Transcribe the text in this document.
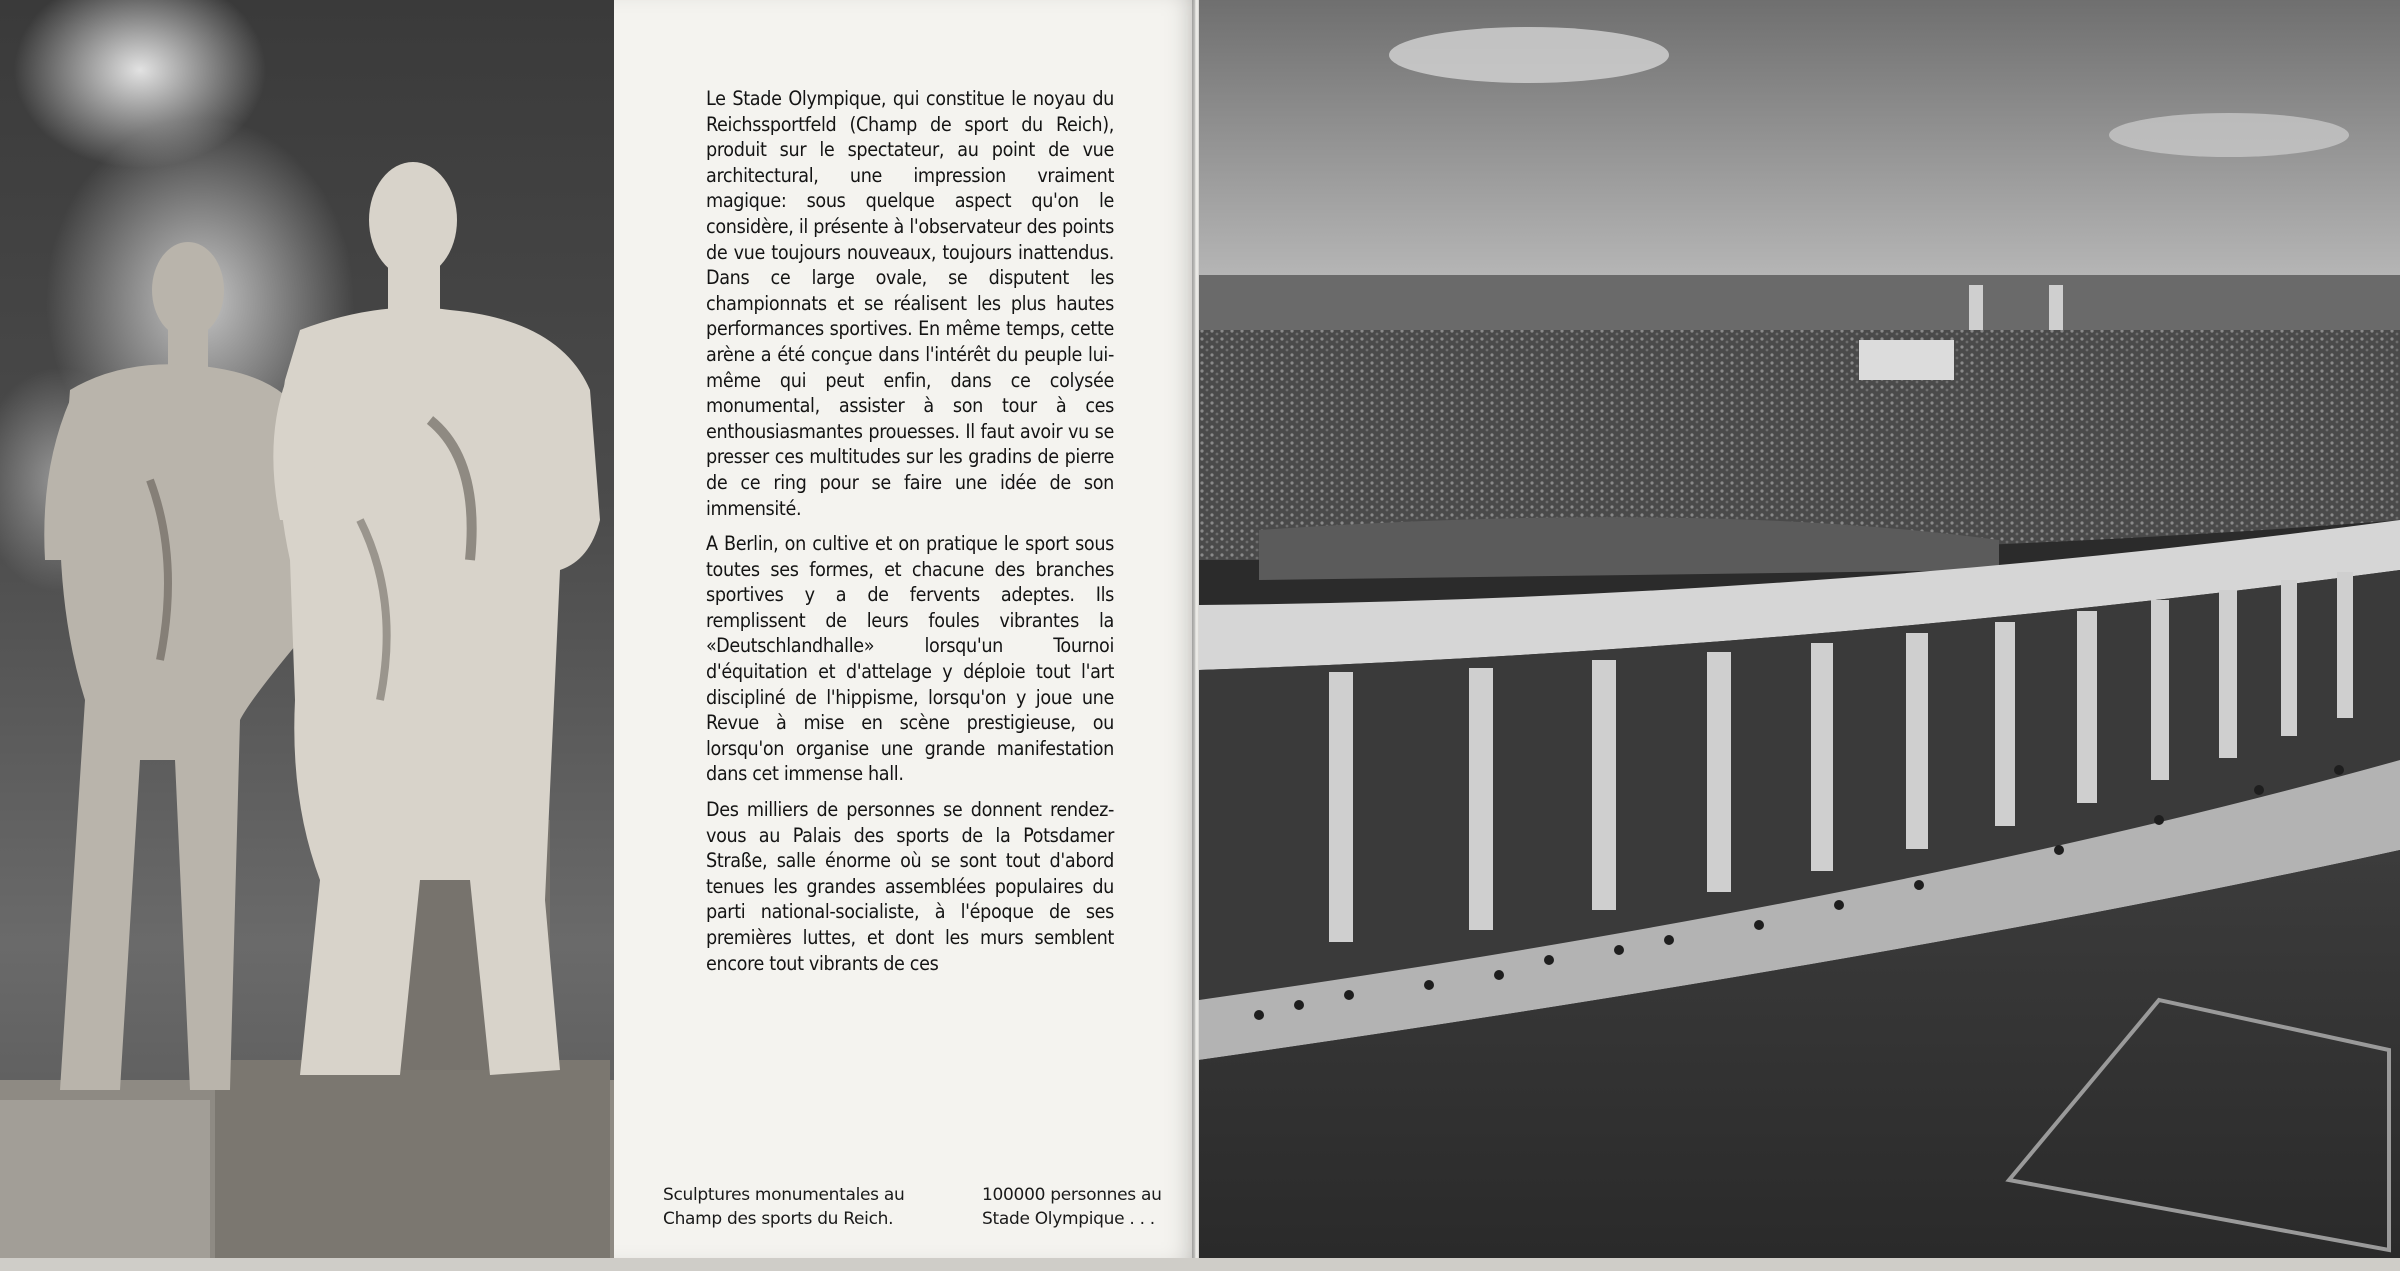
Le Stade Olympique, qui constitue le noyau du Reichssportfeld (Champ de sport du Reich), produit sur le spectateur, au point de vue architectural, une impression vraiment magique: sous quelque aspect qu'on le considère, il présente à l'observateur des points de vue toujours nouveaux, toujours inattendus. Dans ce large ovale, se disputent les championnats et se réalisent les plus hautes performances sportives. En même temps, cette arène a été conçue dans l'intérêt du peuple lui-même qui peut enfin, dans ce colysée monumental, assister à son tour à ces enthousiasmantes prouesses. Il faut avoir vu se presser ces multitudes sur les gradins de pierre de ce ring pour se faire une idée de son immensité.

A Berlin, on cultive et on pratique le sport sous toutes ses formes, et chacune des branches sportives y a de fervents adeptes. Ils remplissent de leurs foules vibrantes la «Deutschlandhalle» lorsqu'un Tournoi d'équitation et d'attelage y déploie tout l'art discipliné de l'hippisme, lorsqu'on y joue une Revue à mise en scène prestigieuse, ou lorsqu'on organise une grande manifestation dans cet immense hall.

Des milliers de personnes se donnent rendez-vous au Palais des sports de la Potsdamer Straße, salle énorme où se sont tout d'abord tenues les grandes assemblées populaires du parti national-socialiste, à l'époque de ses premières luttes, et dont les murs semblent encore tout vibrants de ces

Sculptures monumentales au Champ des sports du Reich.
100000 personnes au Stade Olympique . . .
